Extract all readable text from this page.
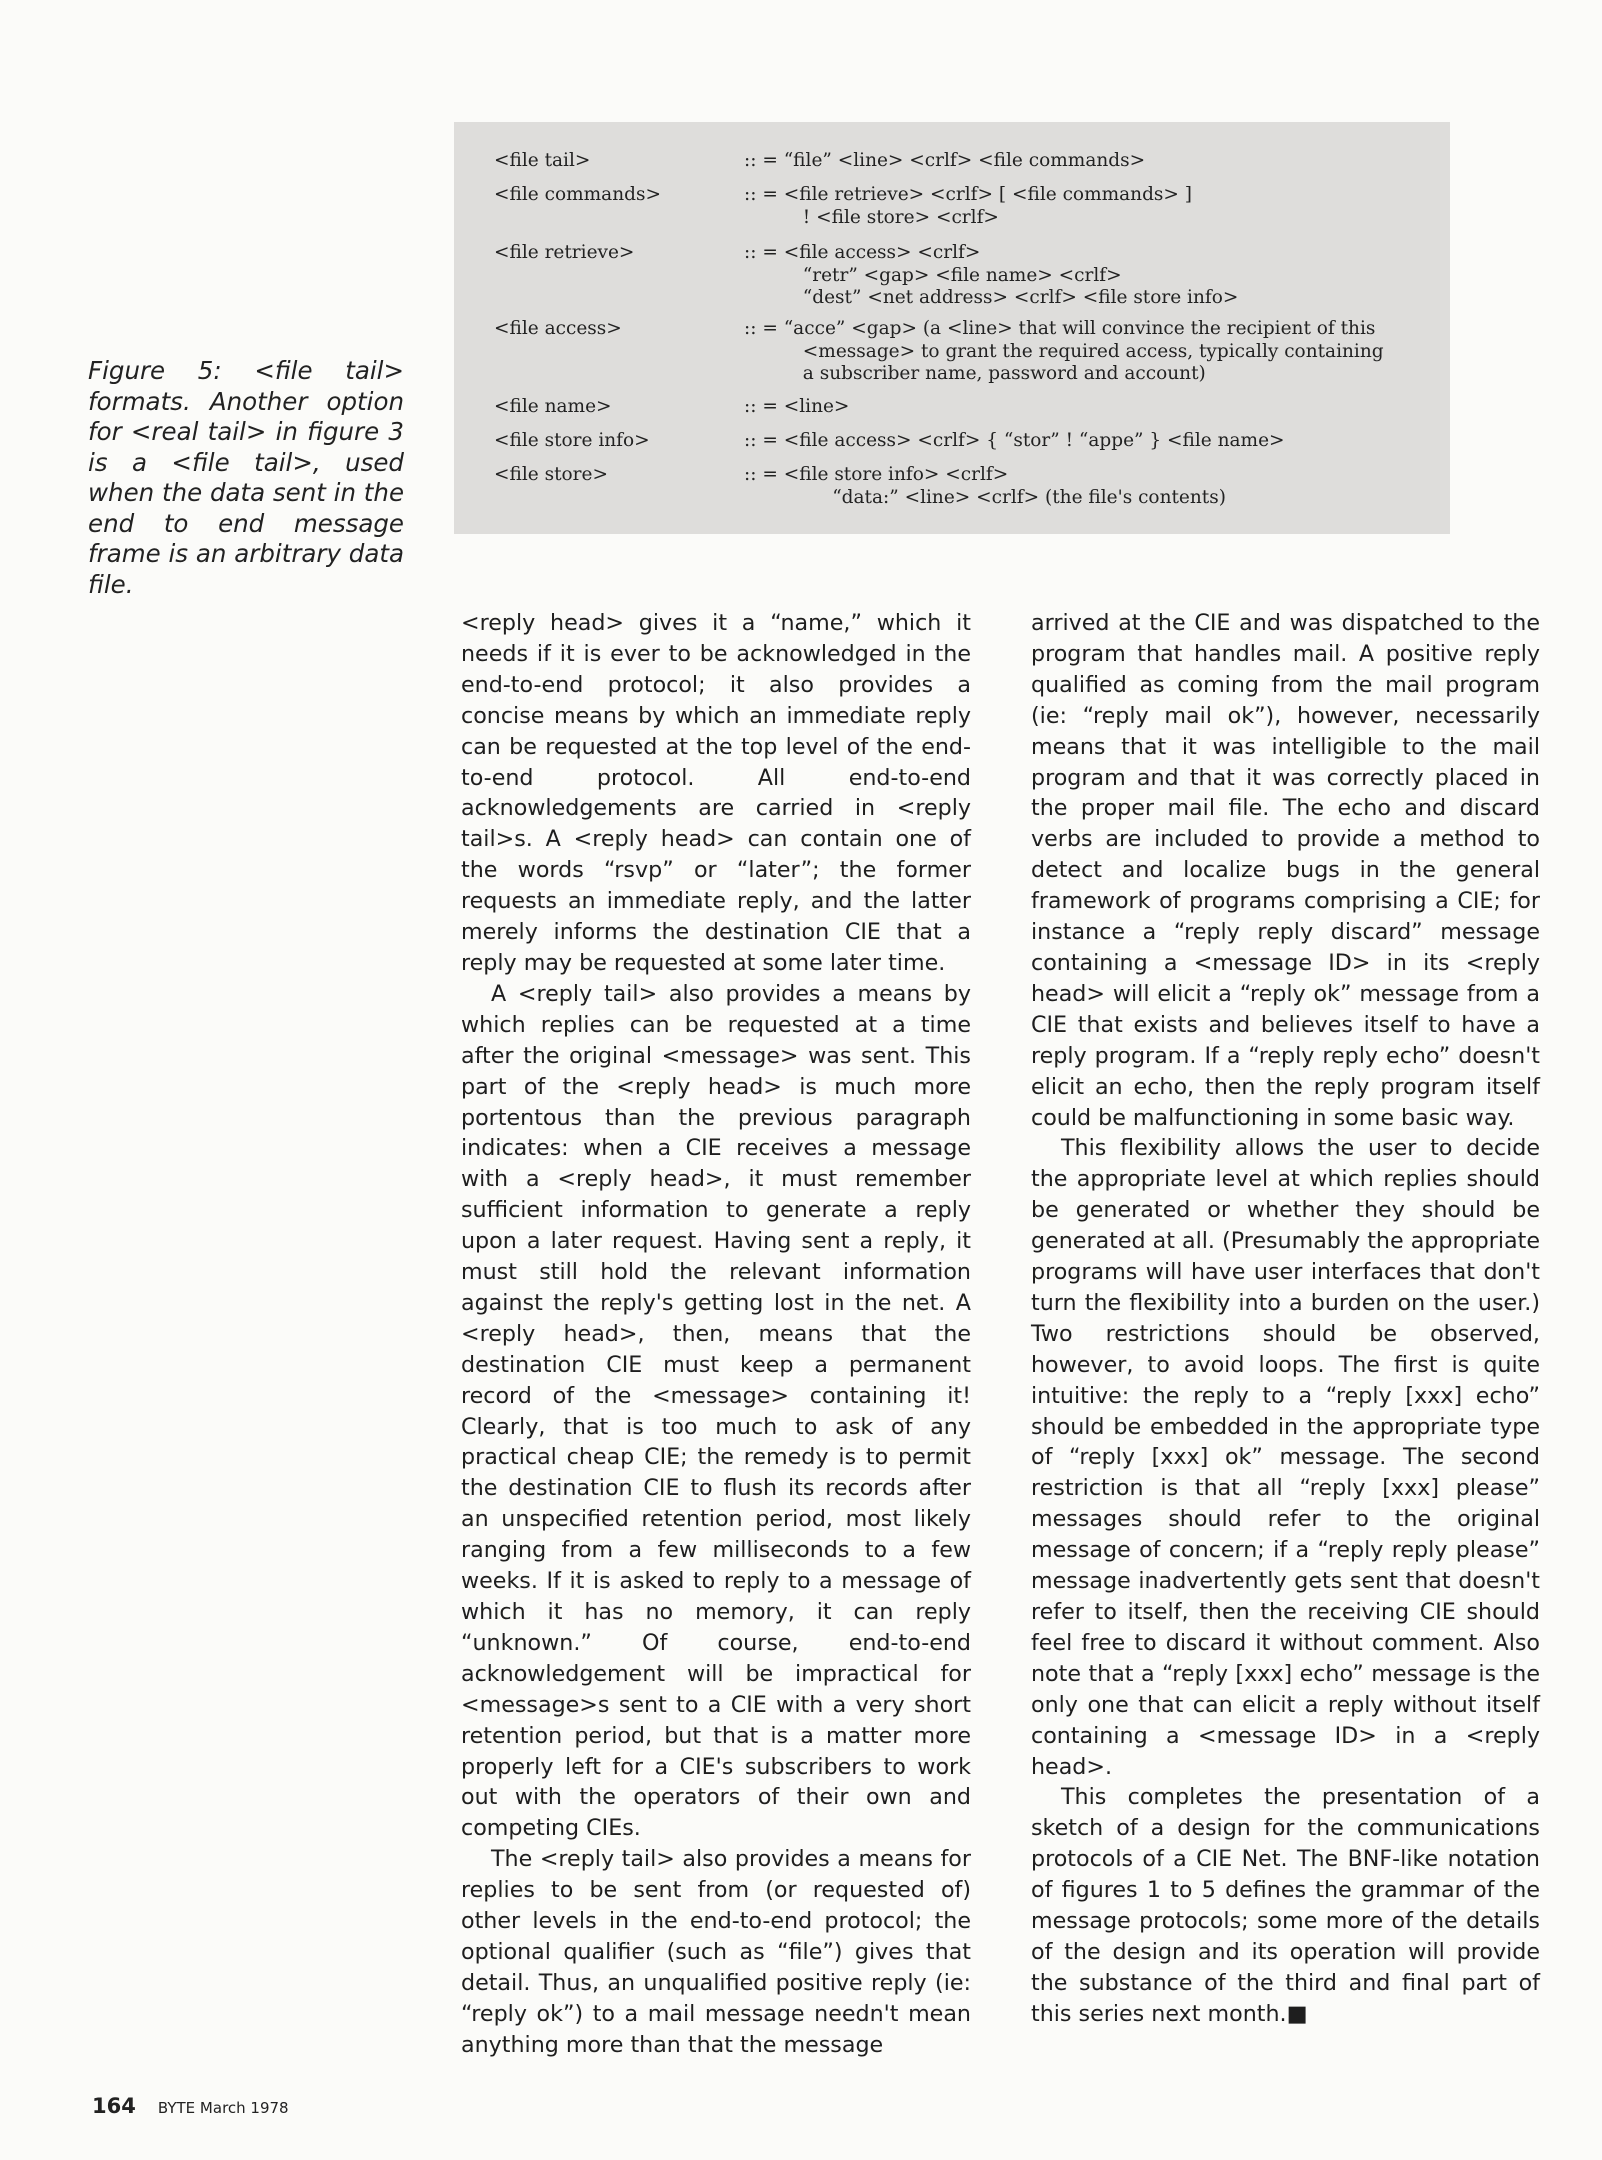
Figure 5: <file tail> formats. Another option for <real tail> in figure 3 is a <file tail>, used when the data sent in the end to end message frame is an arbitrary data file.

<file tail>	:: = “file” <line> <crlf> <file commands>
<file commands>	:: = <file retrieve> <crlf> [ <file commands> ]
! <file store> <crlf>
<file retrieve>	:: = <file access> <crlf>
“retr” <gap> <file name> <crlf>
“dest” <net address> <crlf> <file store info>
<file access>	:: = “acce” <gap> (a <line> that will convince the recipient of this
<message> to grant the required access, typically containing
a subscriber name, password and account)
<file name>	:: = <line>
<file store info>	:: = <file access> <crlf> { “stor” ! “appe” } <file name>
<file store>	:: = <file store info> <crlf>
“data:” <line> <crlf> (the file's contents)

<reply head> gives it a “name,” which it needs if it is ever to be acknowledged in the end-to-end protocol; it also provides a concise means by which an immediate reply can be requested at the top level of the end-to-end protocol. All end-to-end acknowledgements are carried in <reply tail>s. A <reply head> can contain one of the words “rsvp” or “later”; the former requests an immediate reply, and the latter merely informs the destination CIE that a reply may be requested at some later time.

A <reply tail> also provides a means by which replies can be requested at a time after the original <message> was sent. This part of the <reply head> is much more portentous than the previous paragraph indicates: when a CIE receives a message with a <reply head>, it must remember sufficient information to generate a reply upon a later request. Having sent a reply, it must still hold the relevant information against the reply's getting lost in the net. A <reply head>, then, means that the destination CIE must keep a permanent record of the <message> containing it! Clearly, that is too much to ask of any practical cheap CIE; the remedy is to permit the destination CIE to flush its records after an unspecified retention period, most likely ranging from a few milliseconds to a few weeks. If it is asked to reply to a message of which it has no memory, it can reply “unknown.” Of course, end-to-end acknowledgement will be impractical for <message>s sent to a CIE with a very short retention period, but that is a matter more properly left for a CIE's subscribers to work out with the operators of their own and competing CIEs.

The <reply tail> also provides a means for replies to be sent from (or requested of) other levels in the end-to-end protocol; the optional qualifier (such as “file”) gives that detail. Thus, an unqualified positive reply (ie: “reply ok”) to a mail message needn't mean anything more than that the message

arrived at the CIE and was dispatched to the program that handles mail. A positive reply qualified as coming from the mail program (ie: “reply mail ok”), however, necessarily means that it was intelligible to the mail program and that it was correctly placed in the proper mail file. The echo and discard verbs are included to provide a method to detect and localize bugs in the general framework of programs comprising a CIE; for instance a “reply reply discard” message containing a <message ID> in its <reply head> will elicit a “reply ok” message from a CIE that exists and believes itself to have a reply program. If a “reply reply echo” doesn't elicit an echo, then the reply program itself could be malfunctioning in some basic way.

This flexibility allows the user to decide the appropriate level at which replies should be generated or whether they should be generated at all. (Presumably the appropriate programs will have user interfaces that don't turn the flexibility into a burden on the user.) Two restrictions should be observed, however, to avoid loops. The first is quite intuitive: the reply to a “reply [xxx] echo” should be embedded in the appropriate type of “reply [xxx] ok” message. The second restriction is that all “reply [xxx] please” messages should refer to the original message of concern; if a “reply reply please” message inadvertently gets sent that doesn't refer to itself, then the receiving CIE should feel free to discard it without comment. Also note that a “reply [xxx] echo” message is the only one that can elicit a reply without itself containing a <message ID> in a <reply head>.

This completes the presentation of a sketch of a design for the communications protocols of a CIE Net. The BNF-like notation of figures 1 to 5 defines the grammar of the message protocols; some more of the details of the design and its operation will provide the substance of the third and final part of this series next month.■

164 BYTE March 1978
